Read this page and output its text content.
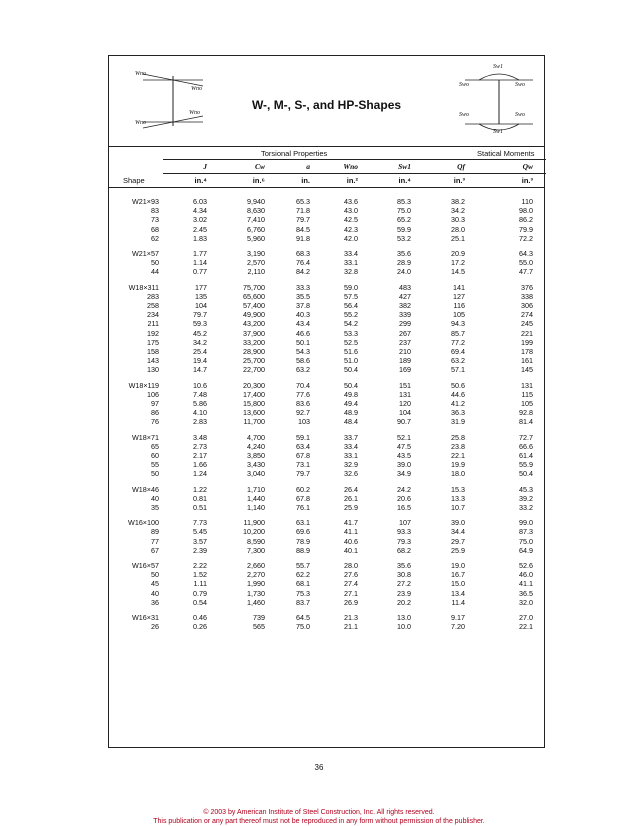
Wno
Wno
Wno
Wno
W-, M-, S-, and HP-Shapes
Sw1
Swo	Swo
Swo	Swo
Sw1
Torsional Properties	Statical Moments
J	Cw	a	Wno	Sw1	Qf	Qw
Shape	in.⁴	in.⁶	in.	in.²	in.⁴	in.³	in.³
W21×93	6.03	9,940	65.3	43.6	85.3	38.2	110
83	4.34	8,630	71.8	43.0	75.0	34.2	98.0
73	3.02	7,410	79.7	42.5	65.2	30.3	86.2
68	2.45	6,760	84.5	42.3	59.9	28.0	79.9
62	1.83	5,960	91.8	42.0	53.2	25.1	72.2
W21×57	1.77	3,190	68.3	33.4	35.6	20.9	64.3
50	1.14	2,570	76.4	33.1	28.9	17.2	55.0
44	0.77	2,110	84.2	32.8	24.0	14.5	47.7
W18×311	177	75,700	33.3	59.0	483	141	376
283	135	65,600	35.5	57.5	427	127	338
258	104	57,400	37.8	56.4	382	116	306
234	79.7	49,900	40.3	55.2	339	105	274
211	59.3	43,200	43.4	54.2	299	94.3	245
192	45.2	37,900	46.6	53.3	267	85.7	221
175	34.2	33,200	50.1	52.5	237	77.2	199
158	25.4	28,900	54.3	51.6	210	69.4	178
143	19.4	25,700	58.6	51.0	189	63.2	161
130	14.7	22,700	63.2	50.4	169	57.1	145
W18×119	10.6	20,300	70.4	50.4	151	50.6	131
106	7.48	17,400	77.6	49.8	131	44.6	115
97	5.86	15,800	83.6	49.4	120	41.2	105
86	4.10	13,600	92.7	48.9	104	36.3	92.8
76	2.83	11,700	103	48.4	90.7	31.9	81.4
W18×71	3.48	4,700	59.1	33.7	52.1	25.8	72.7
65	2.73	4,240	63.4	33.4	47.5	23.8	66.6
60	2.17	3,850	67.8	33.1	43.5	22.1	61.4
55	1.66	3,430	73.1	32.9	39.0	19.9	55.9
50	1.24	3,040	79.7	32.6	34.9	18.0	50.4
W18×46	1.22	1,710	60.2	26.4	24.2	15.3	45.3
40	0.81	1,440	67.8	26.1	20.6	13.3	39.2
35	0.51	1,140	76.1	25.9	16.5	10.7	33.2
W16×100	7.73	11,900	63.1	41.7	107	39.0	99.0
89	5.45	10,200	69.6	41.1	93.3	34.4	87.3
77	3.57	8,590	78.9	40.6	79.3	29.7	75.0
67	2.39	7,300	88.9	40.1	68.2	25.9	64.9
W16×57	2.22	2,660	55.7	28.0	35.6	19.0	52.6
50	1.52	2,270	62.2	27.6	30.8	16.7	46.0
45	1.11	1,990	68.1	27.4	27.2	15.0	41.1
40	0.79	1,730	75.3	27.1	23.9	13.4	36.5
36	0.54	1,460	83.7	26.9	20.2	11.4	32.0
W16×31	0.46	739	64.5	21.3	13.0	9.17	27.0
26	0.26	565	75.0	21.1	10.0	7.20	22.1
36
© 2003 by American Institute of Steel Construction, Inc. All rights reserved.
This publication or any part thereof must not be reproduced in any form without permission of the publisher.
